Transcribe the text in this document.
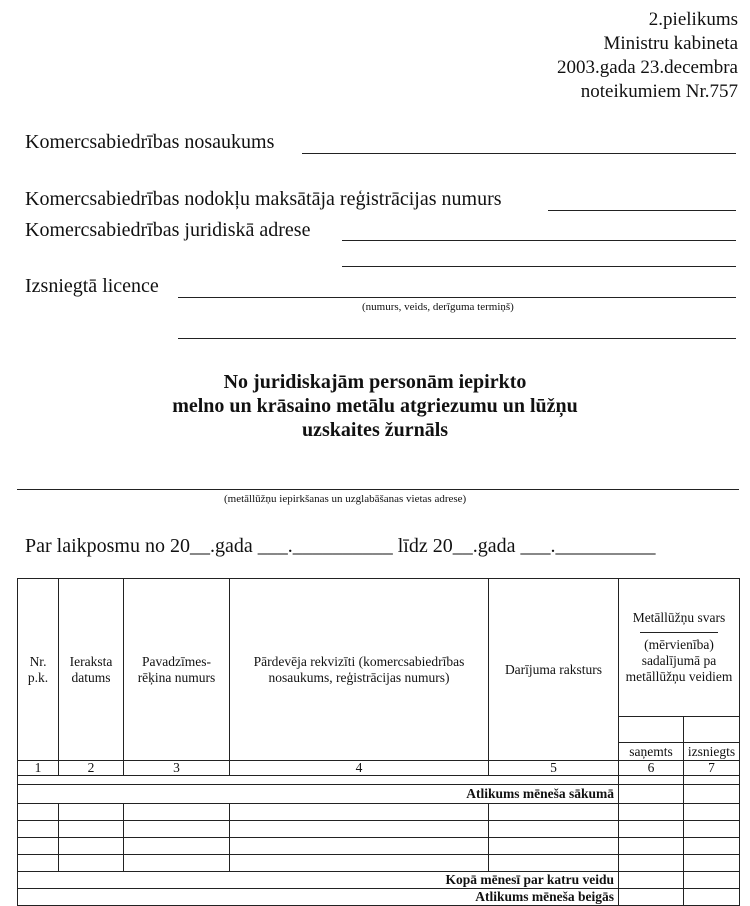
2.pielikums
Ministru kabineta
2003.gada 23.decembra
noteikumiem Nr.757
Komercsabiedrības nosaukums
Komercsabiedrības nodokļu maksātāja reģistrācijas numurs
Komercsabiedrības juridiskā adrese
Izsniegtā licence
(numurs, veids, derīguma termiņš)
No juridiskajām personām iepirkto
melno un krāsaino metālu atgriezumu un lūžņu
uzskaites žurnāls
(metāllūžņu iepirkšanas un uzglabāšanas vietas adrese)
Par laikposmu no 20__.gada ___.__________ līdz 20__.gada ___.__________
Nr. p.k.	Ieraksta datums	Pavadzīmes-rēķina numurs	Pārdevēja rekvizīti (komercsabiedrības nosaukums, reģistrācijas numurs)	Darījuma raksturs	Metāllūžņu svars
(mērvienība) sadalījumā pa metāllūžņu veidiem	

					saņemts	izsniegts
1	2	3	4	5	6	7

Atlikums mēneša sākumā						

Kopā mēnesī par katru veidu						
Atlikums mēneša beigās						
